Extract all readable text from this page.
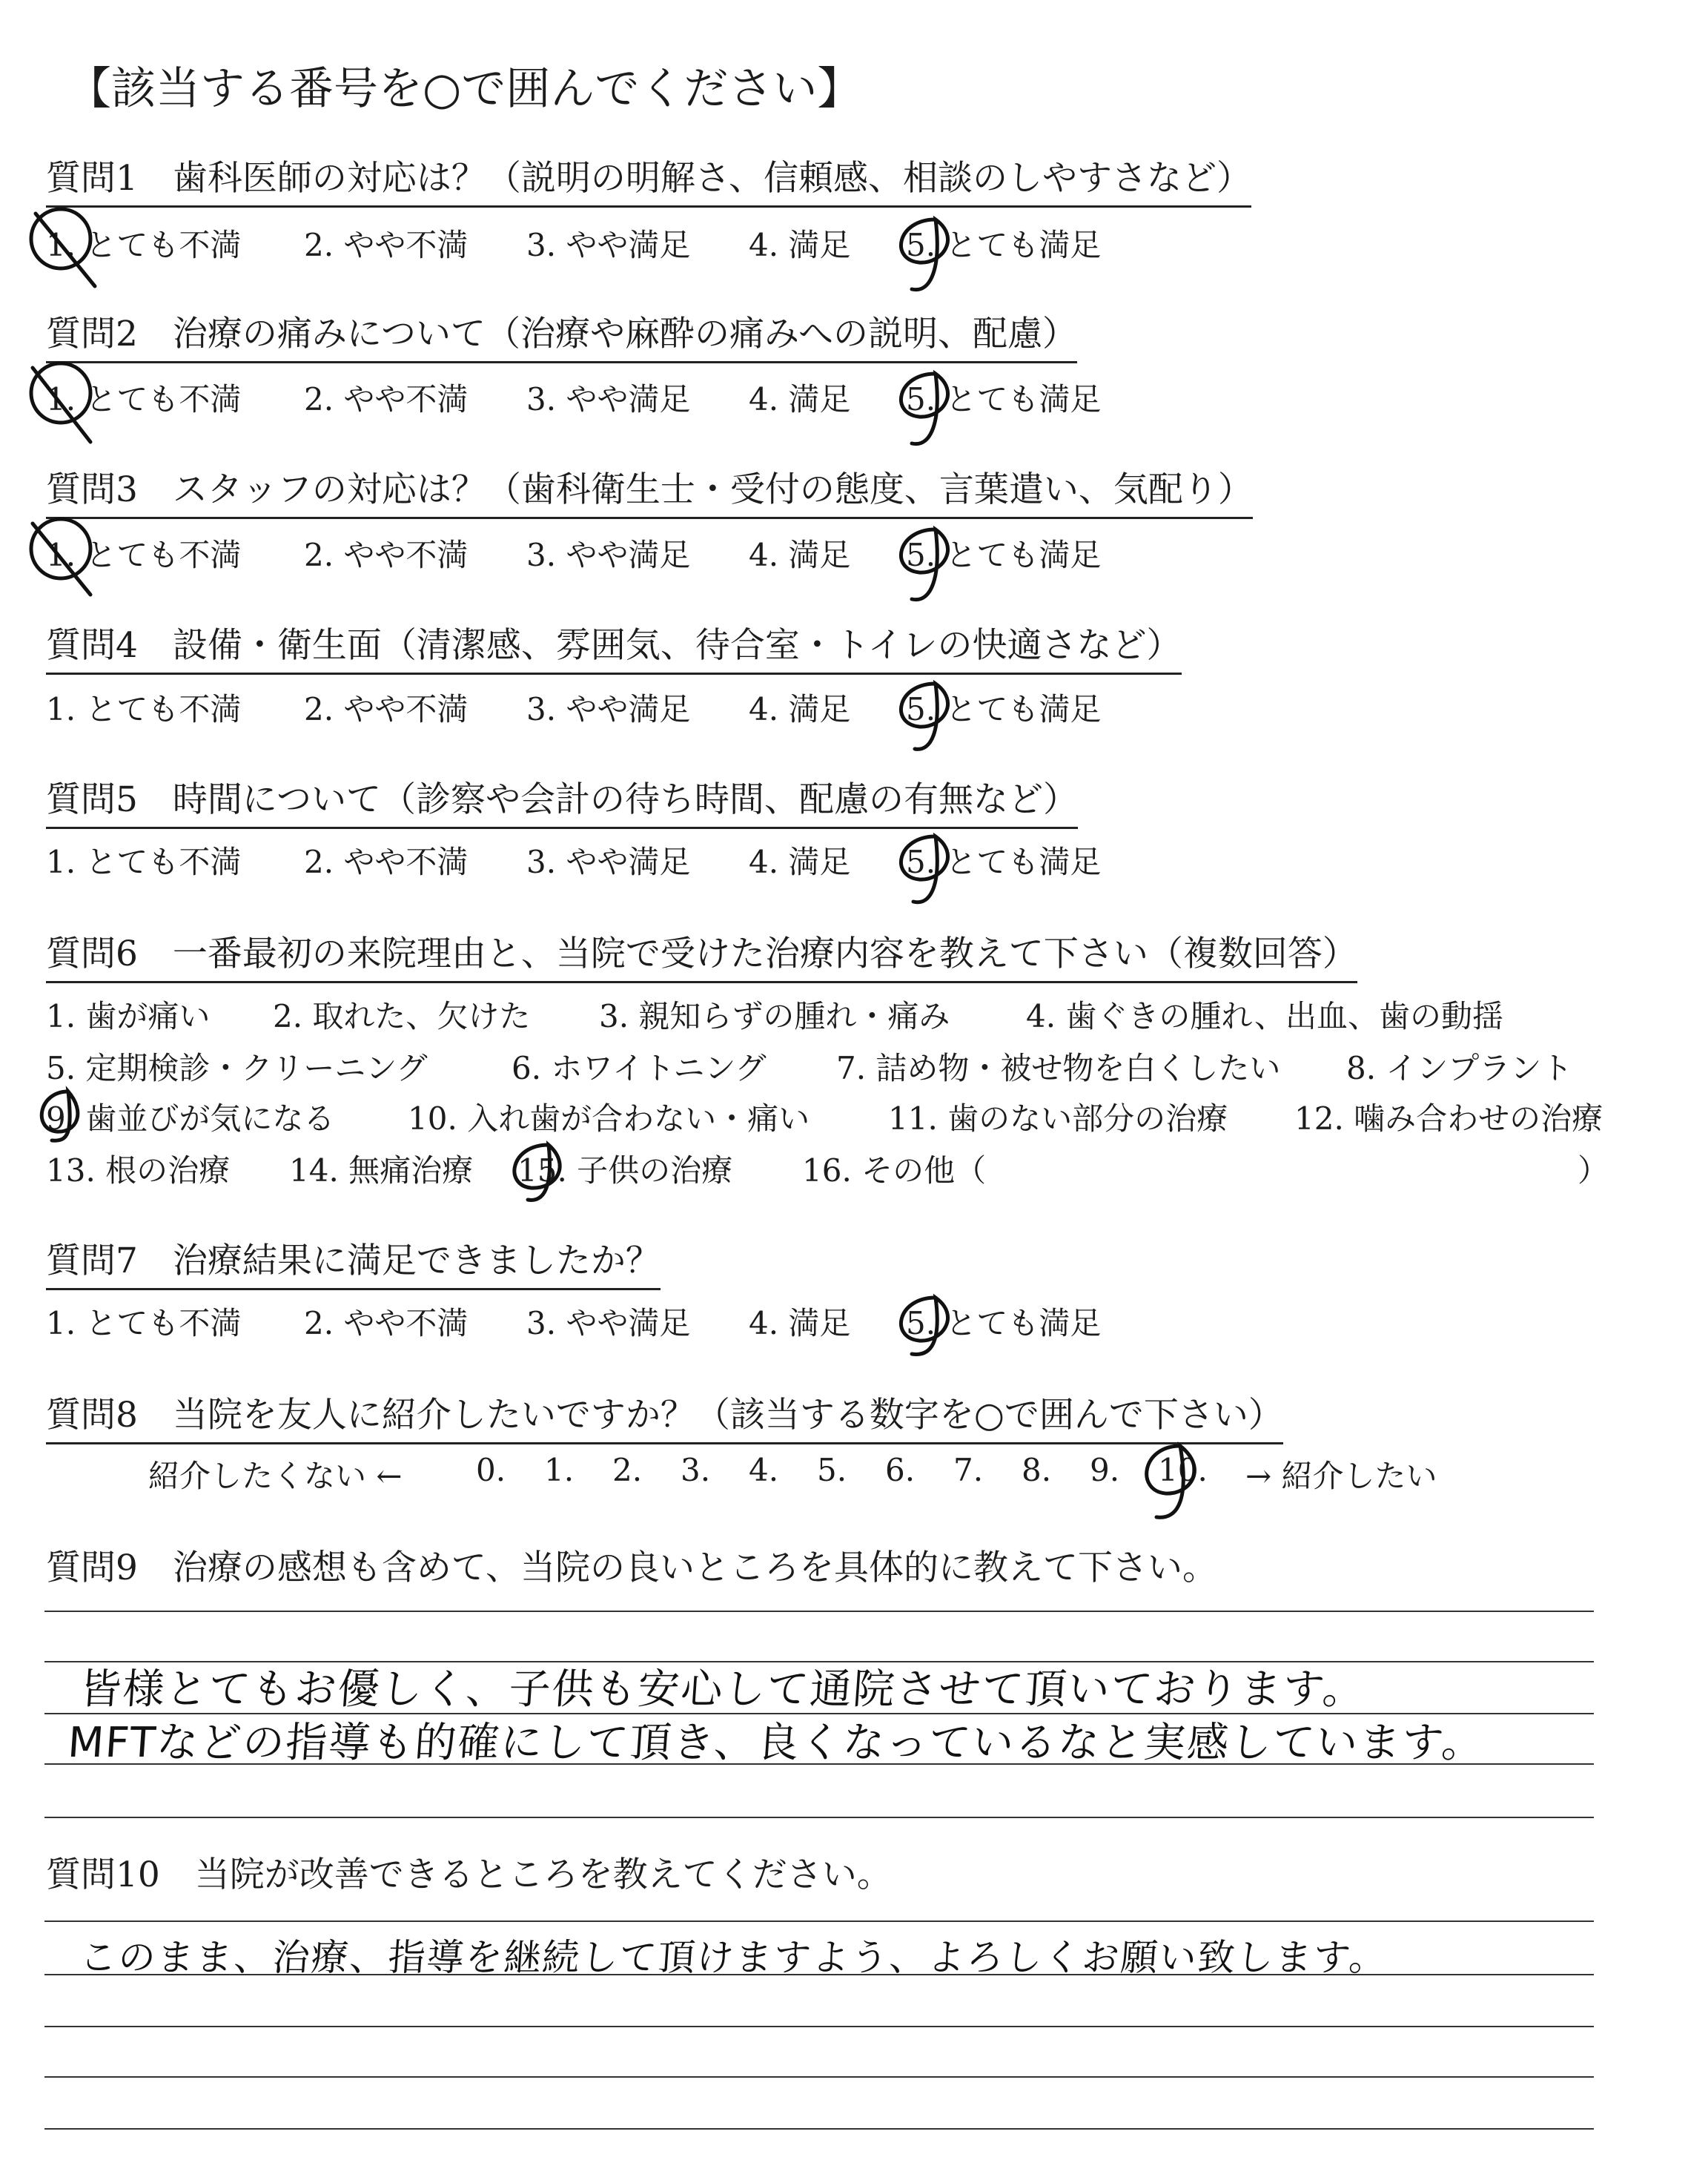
【該当する番号を○で囲んでください】
質問1　歯科医師の対応は？（説明の明解さ、信頼感、相談のしやすさなど）
1. とても不満 2. やや不満 3. やや満足 4. 満足 5. とても満足
質問2　治療の痛みについて（治療や麻酔の痛みへの説明、配慮）
1. とても不満 2. やや不満 3. やや満足 4. 満足 5. とても満足
質問3　スタッフの対応は？（歯科衛生士・受付の態度、言葉遣い、気配り）
1. とても不満 2. やや不満 3. やや満足 4. 満足 5. とても満足
質問4　設備・衛生面（清潔感、雰囲気、待合室・トイレの快適さなど）
1. とても不満 2. やや不満 3. やや満足 4. 満足 5. とても満足
質問5　時間について（診察や会計の待ち時間、配慮の有無など）
1. とても不満 2. やや不満 3. やや満足 4. 満足 5. とても満足
質問6　一番最初の来院理由と、当院で受けた治療内容を教えて下さい（複数回答）
1. 歯が痛い 2. 取れた、欠けた 3. 親知らずの腫れ・痛み 4. 歯ぐきの腫れ、出血、歯の動揺
5. 定期検診・クリーニング	6. ホワイトニング 7. 詰め物・被せ物を白くしたい 8. インプラント
9. 歯並びが気になる 10. 入れ歯が合わない・痛い	11. 歯のない部分の治療 12. 噛み合わせの治療
13. 根の治療 14. 無痛治療 15. 子供の治療 16. その他（	）
質問7　治療結果に満足できましたか？
1. とても不満 2. やや不満 3. やや満足 4. 満足 5. とても満足
質問8　当院を友人に紹介したいですか？（該当する数字を○で囲んで下さい）
紹介したくない ← 0. 1. 2. 3. 4. 5. 6. 7. 8. 9. 10. → 紹介したい
質問9　治療の感想も含めて、当院の良いところを具体的に教えて下さい。
皆様とてもお優しく、子供も安心して通院させて頂いております。
MFTなどの指導も的確にして頂き、良くなっているなと実感しています。
質問10　当院が改善できるところを教えてください。
このまま、治療、指導を継続して頂けますよう、よろしくお願い致します。
